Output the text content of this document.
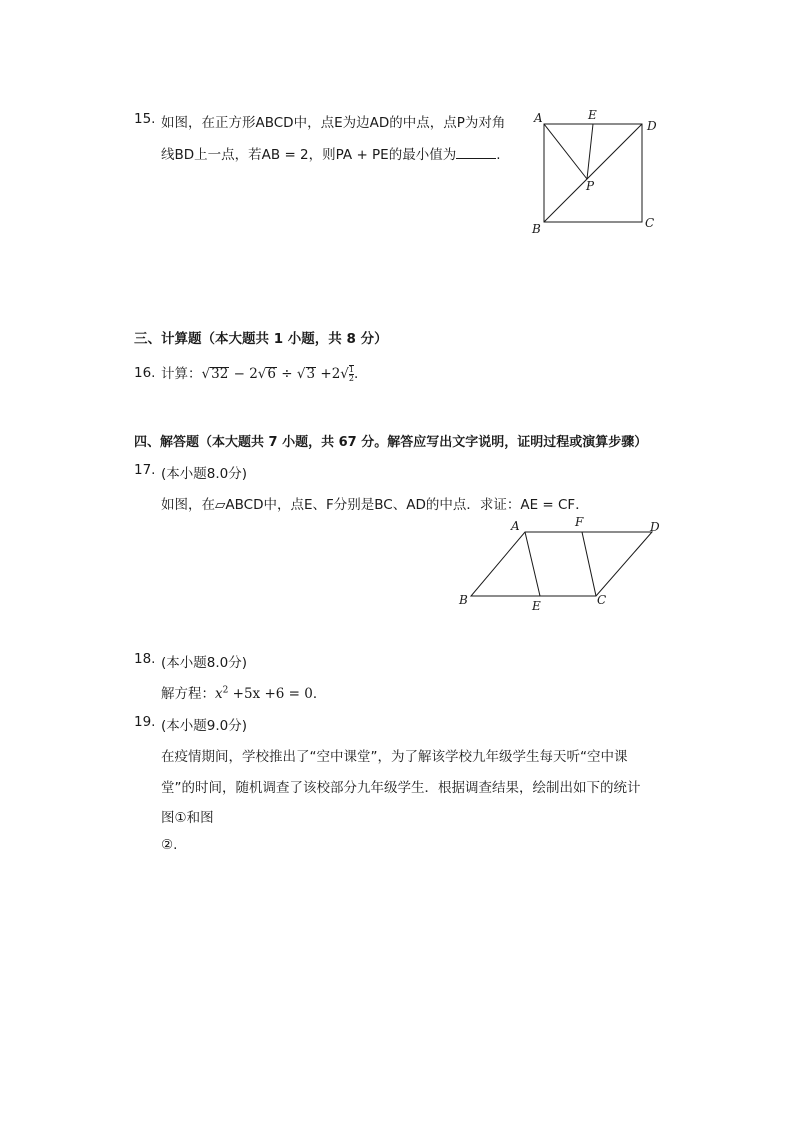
15. 如图，在正方形ABCD中，点E为边AD的中点，点P为对角
线BD上一点，若AB = 2，则PA + PE的最小值为	.
A	E
D
P
B	C
三、计算题（本大题共 1 小题，共 8 分）
16. 计算：$√32 - 2√6 \div √3 +2√ \frac{1}{2}$ .
四、解答题（本大题共 7 小题，共 67 分。解答应写出文字说明，证明过程或演算步骤）
17. (本小题8.0分)
如图，在▱ABCD中，点E、F分别是BC、AD的中点．求证：AE = CF．
A	F	D
B	E	C
18. (本小题8.0分)
解方程：$x^2 +5x +6 = 0$．
19. (本小题9.0分)
在疫情期间，学校推出了“空中课堂”，为了解该学校九年级学生每天听“空中课
堂”的时间，随机调查了该校部分九年级学生．根据调查结果，绘制出如下的统计
图①和图
②.
